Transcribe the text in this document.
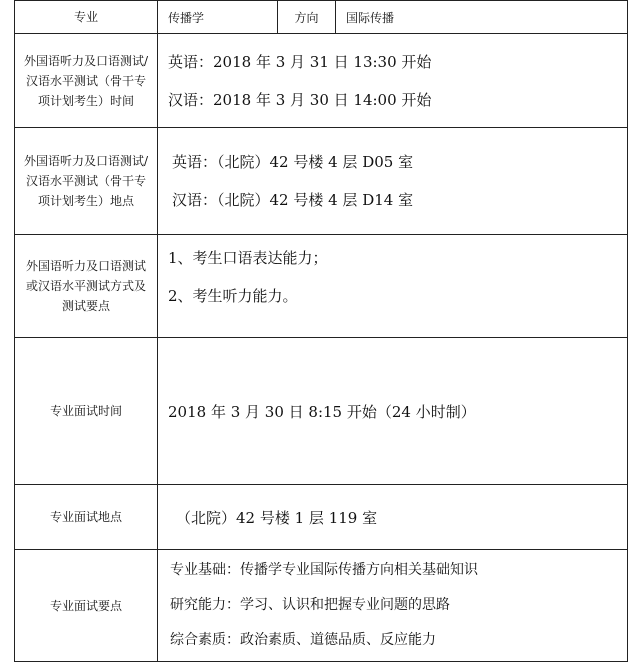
专业	传播学	方向	国际传播
外国语听力及口语测试/汉语水平测试（骨干专项计划考生）时间	英语：2018 年 3 月 31 日 13:30 开始
汉语：2018 年 3 月 30 日 14:00 开始		

外国语听力及口语测试/汉语水平测试（骨干专项计划考生）地点	英语：（北院）42 号楼 4 层 D05 室
汉语：（北院）42 号楼 4 层 D14 室		

外国语听力及口语测试或汉语水平测试方式及测试要点	1、考生口语表达能力；
2、考生听力能力。		

专业面试时间	2018 年 3 月 30 日 8:15 开始（24 小时制）		
专业面试地点	（北院）42 号楼 1 层 119 室		
专业面试要点	专业基础：传播学专业国际传播方向相关基础知识
研究能力：学习、认识和把握专业问题的思路
综合素质：政治素质、道德品质、反应能力		
